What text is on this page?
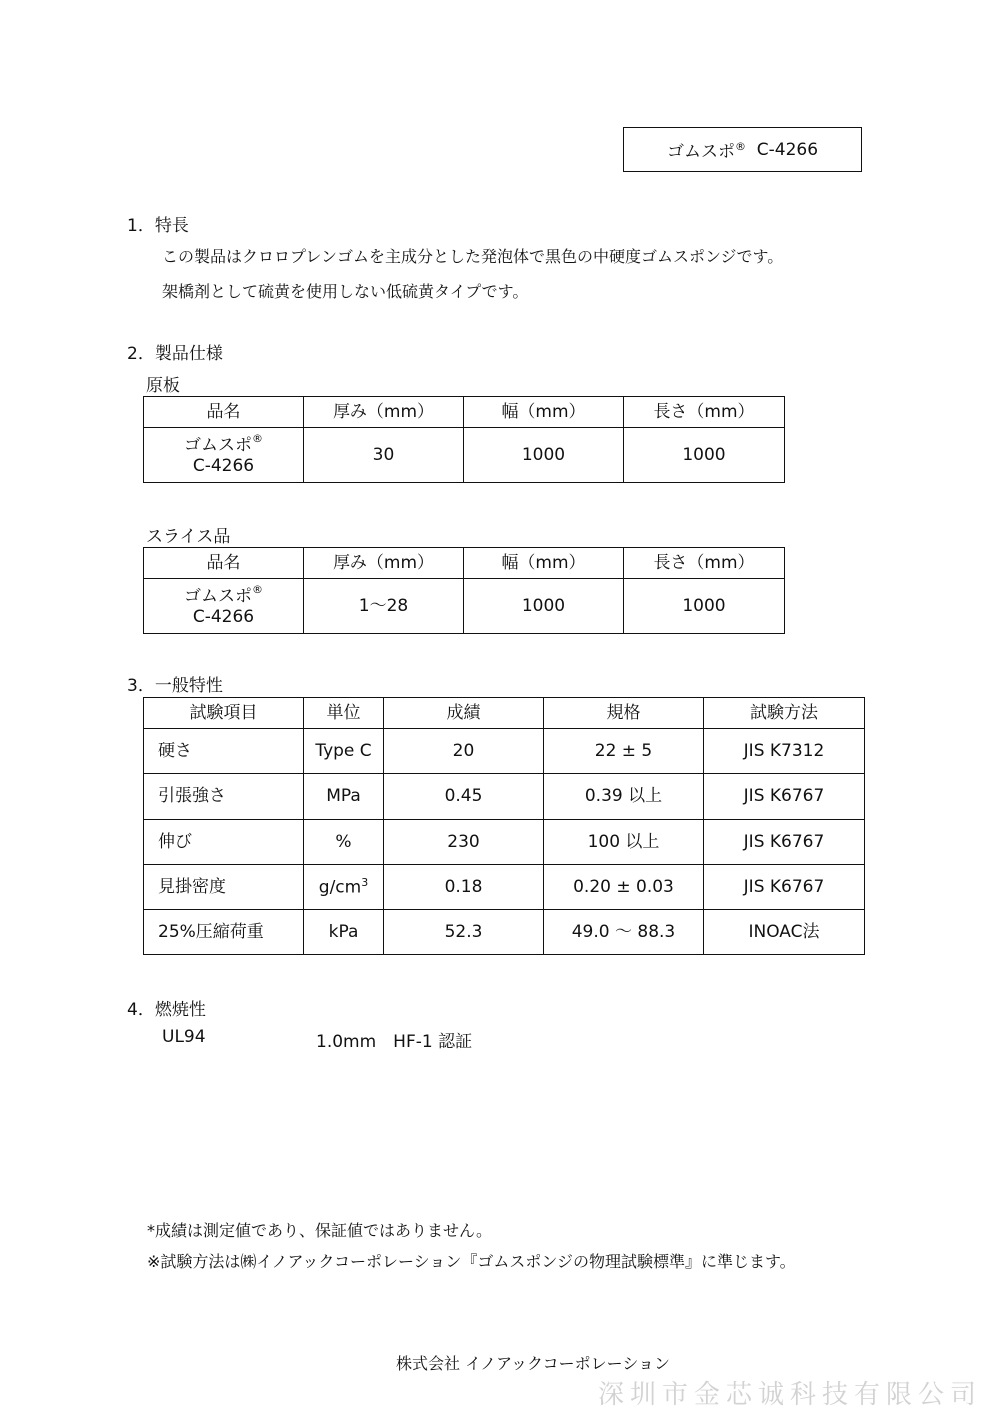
ゴムスポ®
C-4266
1．特長
この製品はクロロプレンゴムを主成分とした発泡体で黒色の中硬度ゴムスポンジです。
架橋剤として硫黄を使用しない低硫黄タイプです。
2．製品仕様
原板
品名	厚み（mm）	幅（mm）	長さ（mm）
ゴムスポ®
C-4266	30	1000	1000
スライス品
品名	厚み（mm）	幅（mm）	長さ（mm）
ゴムスポ®
C-4266	1～28	1000	1000
3．一般特性
試験項目	単位	成績	規格	試験方法
硬さ	Type C	20	22 ± 5	JIS K7312
引張強さ	MPa	0.45	0.39 以上	JIS K6767
伸び	%	230	100 以上	JIS K6767
見掛密度	$g/cm^3$	0.18	0.20 ± 0.03	JIS K6767
25%圧縮荷重	kPa	52.3	49.0 ～ 88.3	INOAC法
4．燃焼性
UL94	1.0mm　HF-1 認証
*成績は測定値であり、保証値ではありません。
※試験方法は㈱イノアックコーポレーション『ゴムスポンジの物理試験標準』に準じます。
株式会社 イノアックコーポレーション
深圳市金芯诚科技有限公司
